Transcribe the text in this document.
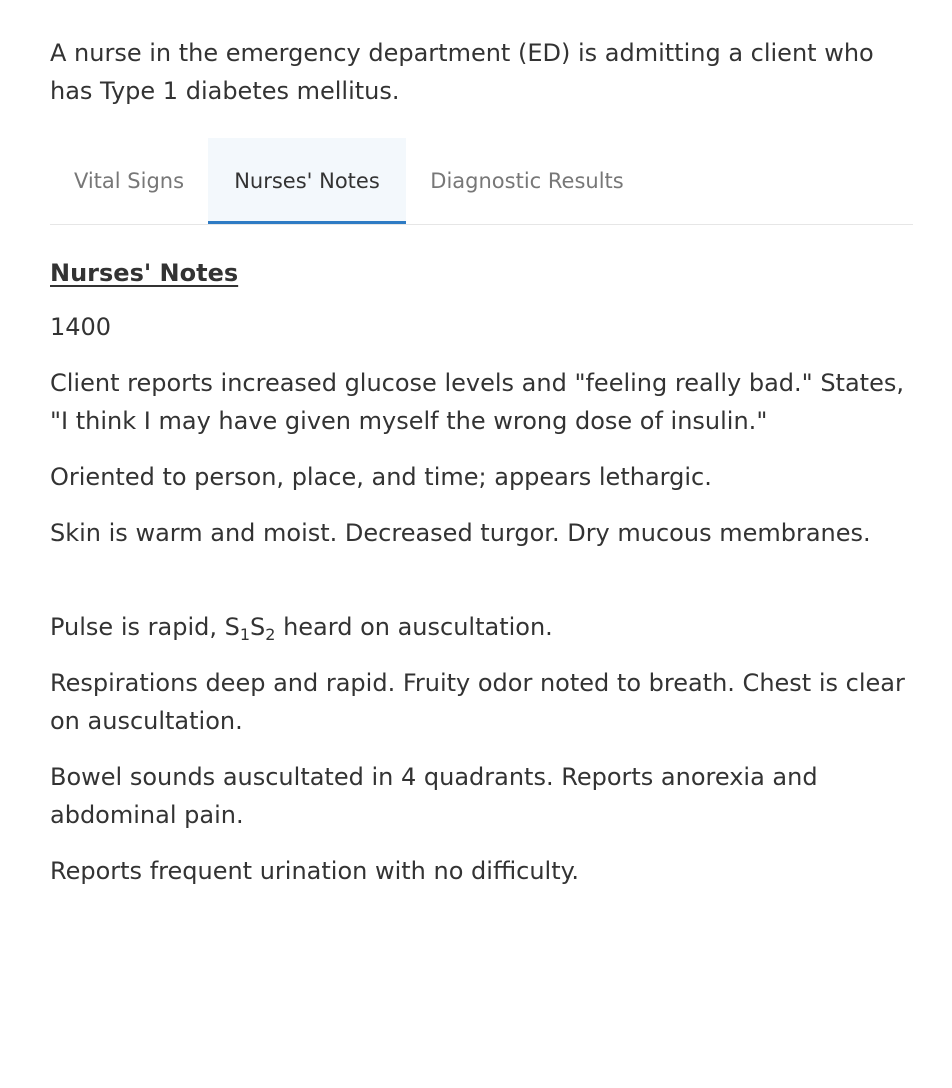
A nurse in the emergency department (ED) is admitting a client who has Type 1 diabetes mellitus.

Vital Signs	Nurses' Notes	Diagnostic Results
Nurses' Notes

1400

Client reports increased glucose levels and "feeling really bad." States, "I think I may have given myself the wrong dose of insulin."

Oriented to person, place, and time; appears lethargic.

Skin is warm and moist. Decreased turgor. Dry mucous membranes.

Pulse is rapid, $S_1S_2$ heard on auscultation.

Respirations deep and rapid. Fruity odor noted to breath. Chest is clear on auscultation.

Bowel sounds auscultated in 4 quadrants. Reports anorexia and abdominal pain.

Reports frequent urination with no difficulty.
